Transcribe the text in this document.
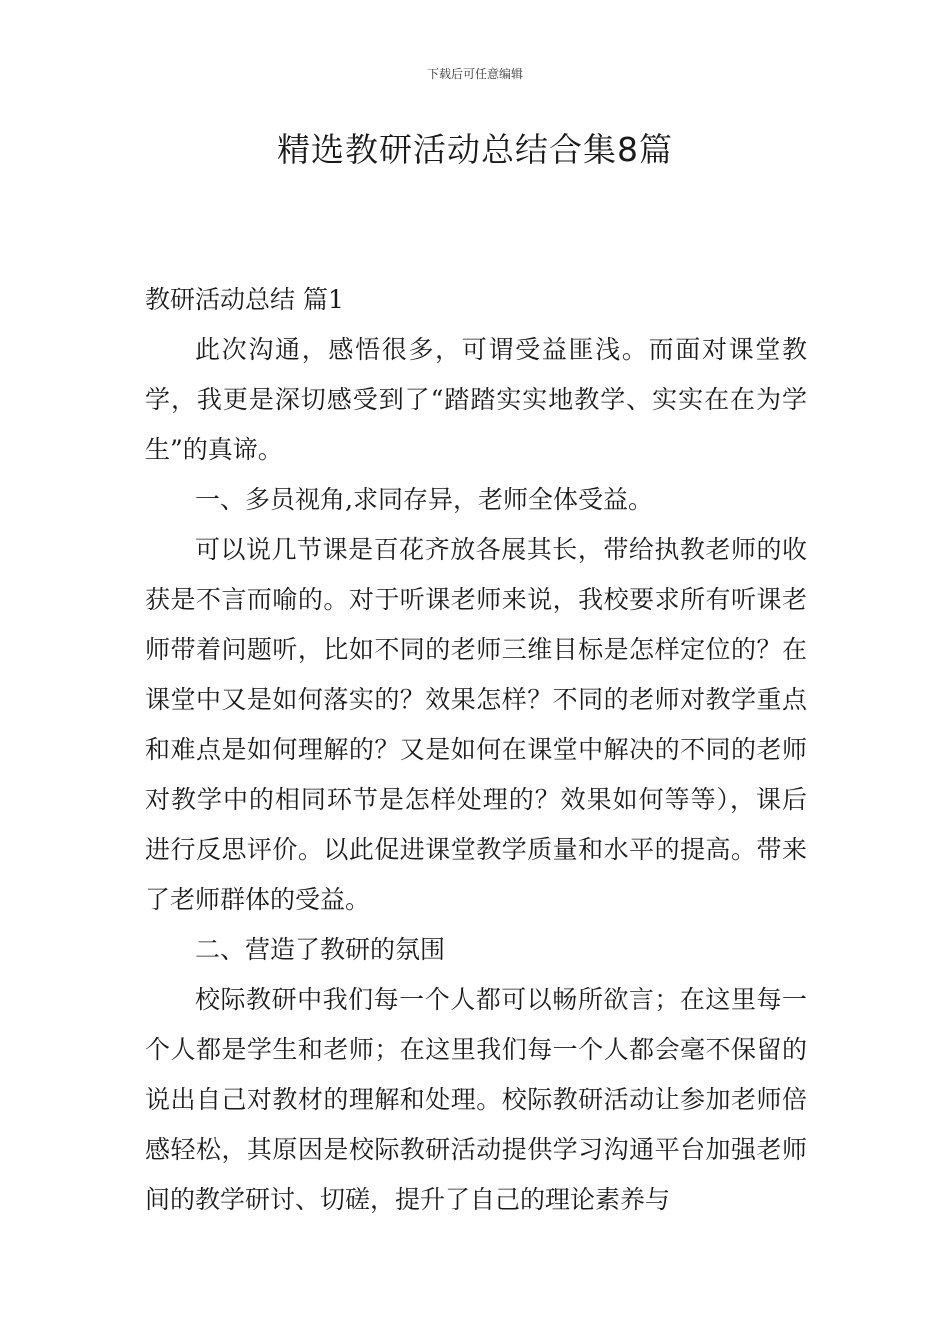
下载后可任意编辑
精选教研活动总结合集8篇

教研活动总结 篇1

此次沟通，感悟很多，可谓受益匪浅。而面对课堂教学，我更是深切感受到了“踏踏实实地教学、实实在在为学生”的真谛。

一、多员视角,求同存异，老师全体受益。

可以说几节课是百花齐放各展其长，带给执教老师的收获是不言而喻的。对于听课老师来说，我校要求所有听课老师带着问题听，比如不同的老师三维目标是怎样定位的？在课堂中又是如何落实的？效果怎样？不同的老师对教学重点和难点是如何理解的？又是如何在课堂中解决的不同的老师对教学中的相同环节是怎样处理的？效果如何等等），课后进行反思评价。以此促进课堂教学质量和水平的提高。带来了老师群体的受益。

二、营造了教研的氛围

校际教研中我们每一个人都可以畅所欲言；在这里每一个人都是学生和老师；在这里我们每一个人都会毫不保留的说出自己对教材的理解和处理。校际教研活动让参加老师倍感轻松，其原因是校际教研活动提供学习沟通平台加强老师间的教学研讨、切磋，提升了自己的理论素养与
